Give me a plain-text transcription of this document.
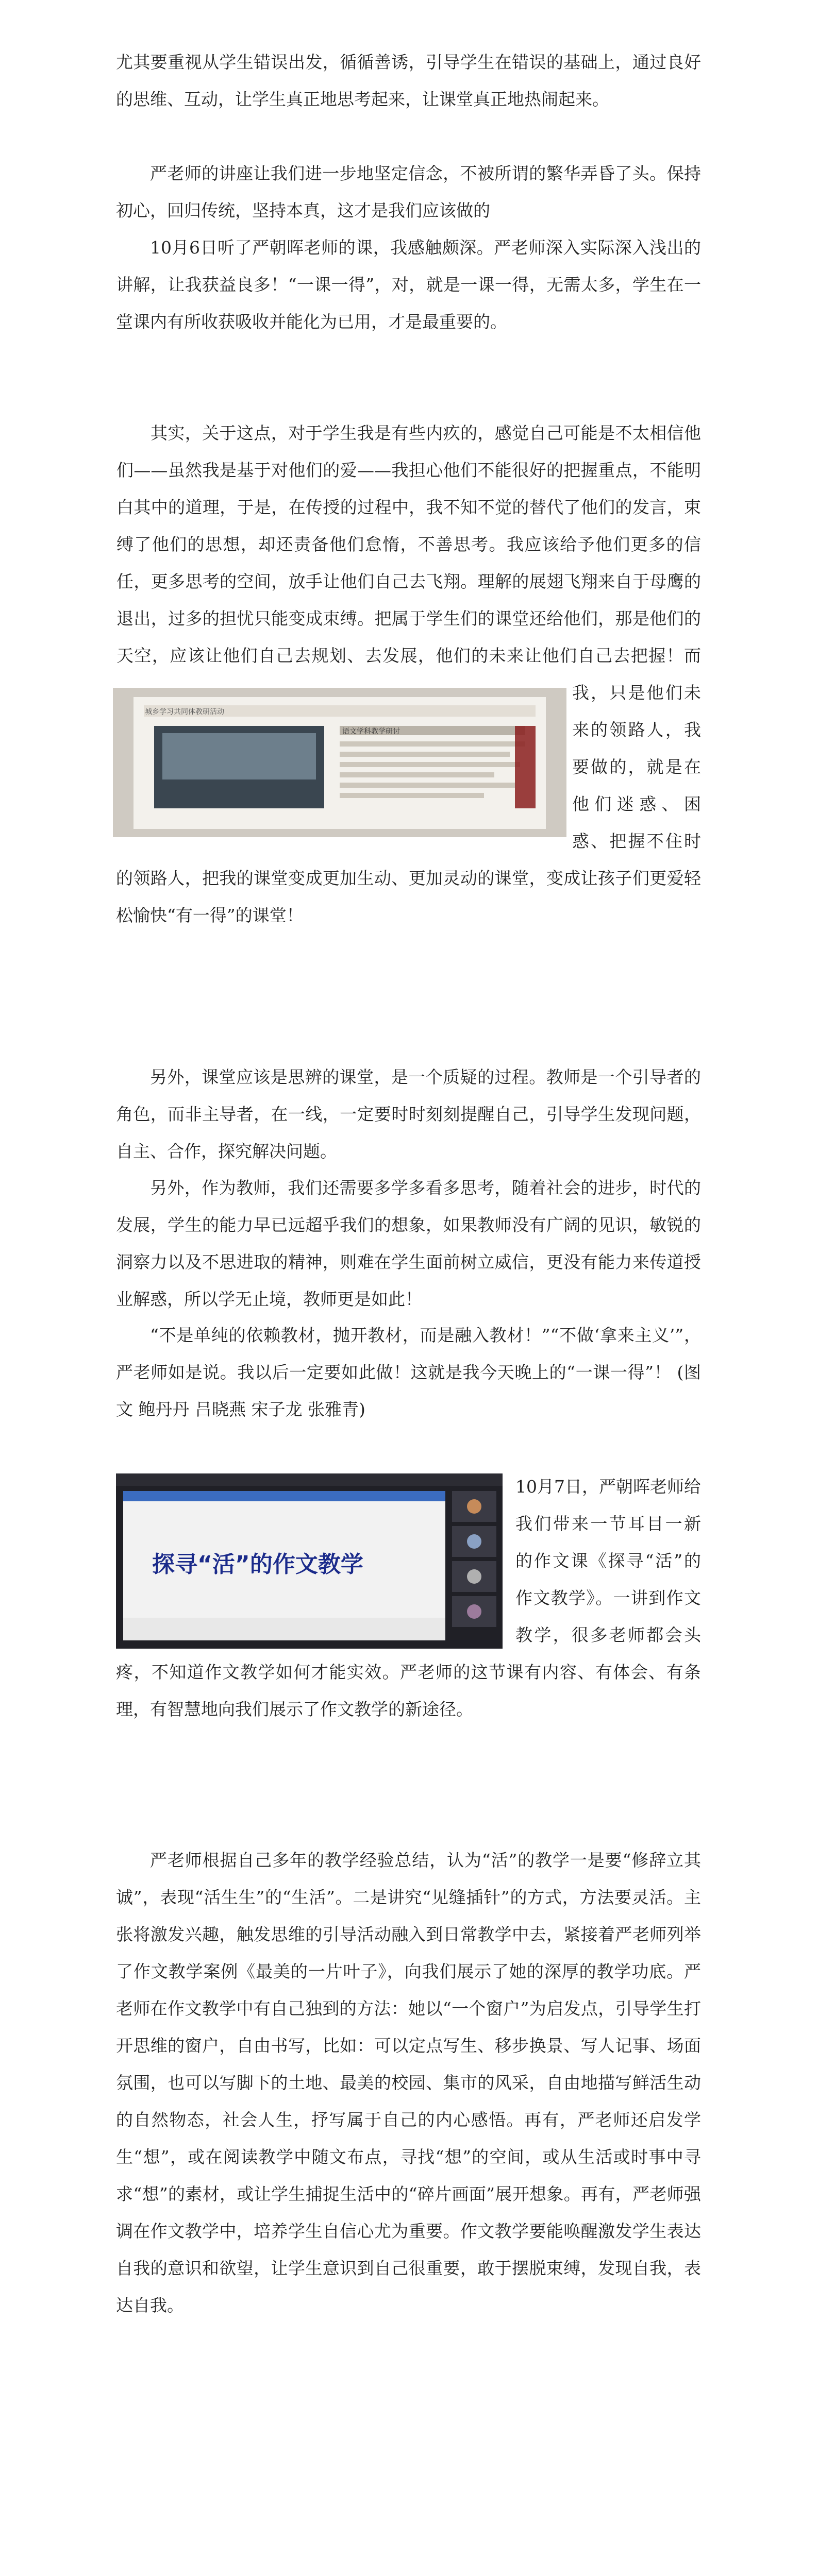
尤其要重视从学生错误出发，循循善诱，引导学生在错误的基础上，通过良好的思维、互动，让学生真正地思考起来，让课堂真正地热闹起来。

严老师的讲座让我们进一步地坚定信念，不被所谓的繁华弄昏了头。保持初心，回归传统，坚持本真，这才是我们应该做的

10月6日听了严朝晖老师的课，我感触颇深。严老师深入实际深入浅出的讲解，让我获益良多！“一课一得”，对，就是一课一得，无需太多，学生在一堂课内有所收获吸收并能化为已用，才是最重要的。

其实，关于这点，对于学生我是有些内疚的，感觉自己可能是不太相信他们——虽然我是基于对他们的爱——我担心他们不能很好的把握重点，不能明白其中的道理，于是，在传授的过程中，我不知不觉的替代了他们的发言，束缚了他们的思想，却还责备他们怠惰，不善思考。我应该给予他们更多的信任，更多思考的空间，放手让他们自己去飞翔。理解的展翅飞翔来自于母鹰的退出，过多的担忧只能变成束缚。把属于学生们的课堂还给他们，那是他们的天空，应该让他们自己去规划、去发展，他们的未来让他们自己去把握！而我，只是他们未来的领路人，我要做的，就是在他们迷惑、困惑、把握不住时的领路人，把我的课堂变成更加生动、更加灵动的课堂，变成让孩子们更爱轻松愉快“有一得”的课堂！
城乡学习共同体教研活动
语文学科教学研讨

另外，课堂应该是思辨的课堂，是一个质疑的过程。教师是一个引导者的角色，而非主导者，在一线，一定要时时刻刻提醒自己，引导学生发现问题，自主、合作，探究解决问题。

另外，作为教师，我们还需要多学多看多思考，随着社会的进步，时代的发展，学生的能力早已远超乎我们的想象，如果教师没有广阔的见识，敏锐的洞察力以及不思进取的精神，则难在学生面前树立威信，更没有能力来传道授业解惑，所以学无止境，教师更是如此！

“不是单纯的依赖教材，抛开教材，而是融入教材！”“不做‘拿来主义’”，严老师如是说。我以后一定要如此做！这就是我今天晚上的“一课一得”！ (图文 鲍丹丹 吕晓燕 宋子龙 张雅青)

探寻“活”的作文教学
10月7日，严朝晖老师给我们带来一节耳目一新的作文课《探寻“活”的作文教学》。一讲到作文教学，很多老师都会头疼，不知道作文教学如何才能实效。严老师的这节课有内容、有体会、有条理，有智慧地向我们展示了作文教学的新途径。

严老师根据自己多年的教学经验总结，认为“活”的教学一是要“修辞立其诚”，表现“活生生”的“生活”。二是讲究“见缝插针”的方式，方法要灵活。主张将激发兴趣，触发思维的引导活动融入到日常教学中去，紧接着严老师列举了作文教学案例《最美的一片叶子》，向我们展示了她的深厚的教学功底。严老师在作文教学中有自己独到的方法：她以“一个窗户”为启发点，引导学生打开思维的窗户，自由书写，比如：可以定点写生、移步换景、写人记事、场面氛围，也可以写脚下的土地、最美的校园、集市的风采，自由地描写鲜活生动的自然物态，社会人生，抒写属于自己的内心感悟。再有，严老师还启发学生“想”，或在阅读教学中随文布点，寻找“想”的空间，或从生活或时事中寻求“想”的素材，或让学生捕捉生活中的“碎片画面”展开想象。再有，严老师强调在作文教学中，培养学生自信心尤为重要。作文教学要能唤醒激发学生表达自我的意识和欲望，让学生意识到自己很重要，敢于摆脱束缚，发现自我，表达自我。
